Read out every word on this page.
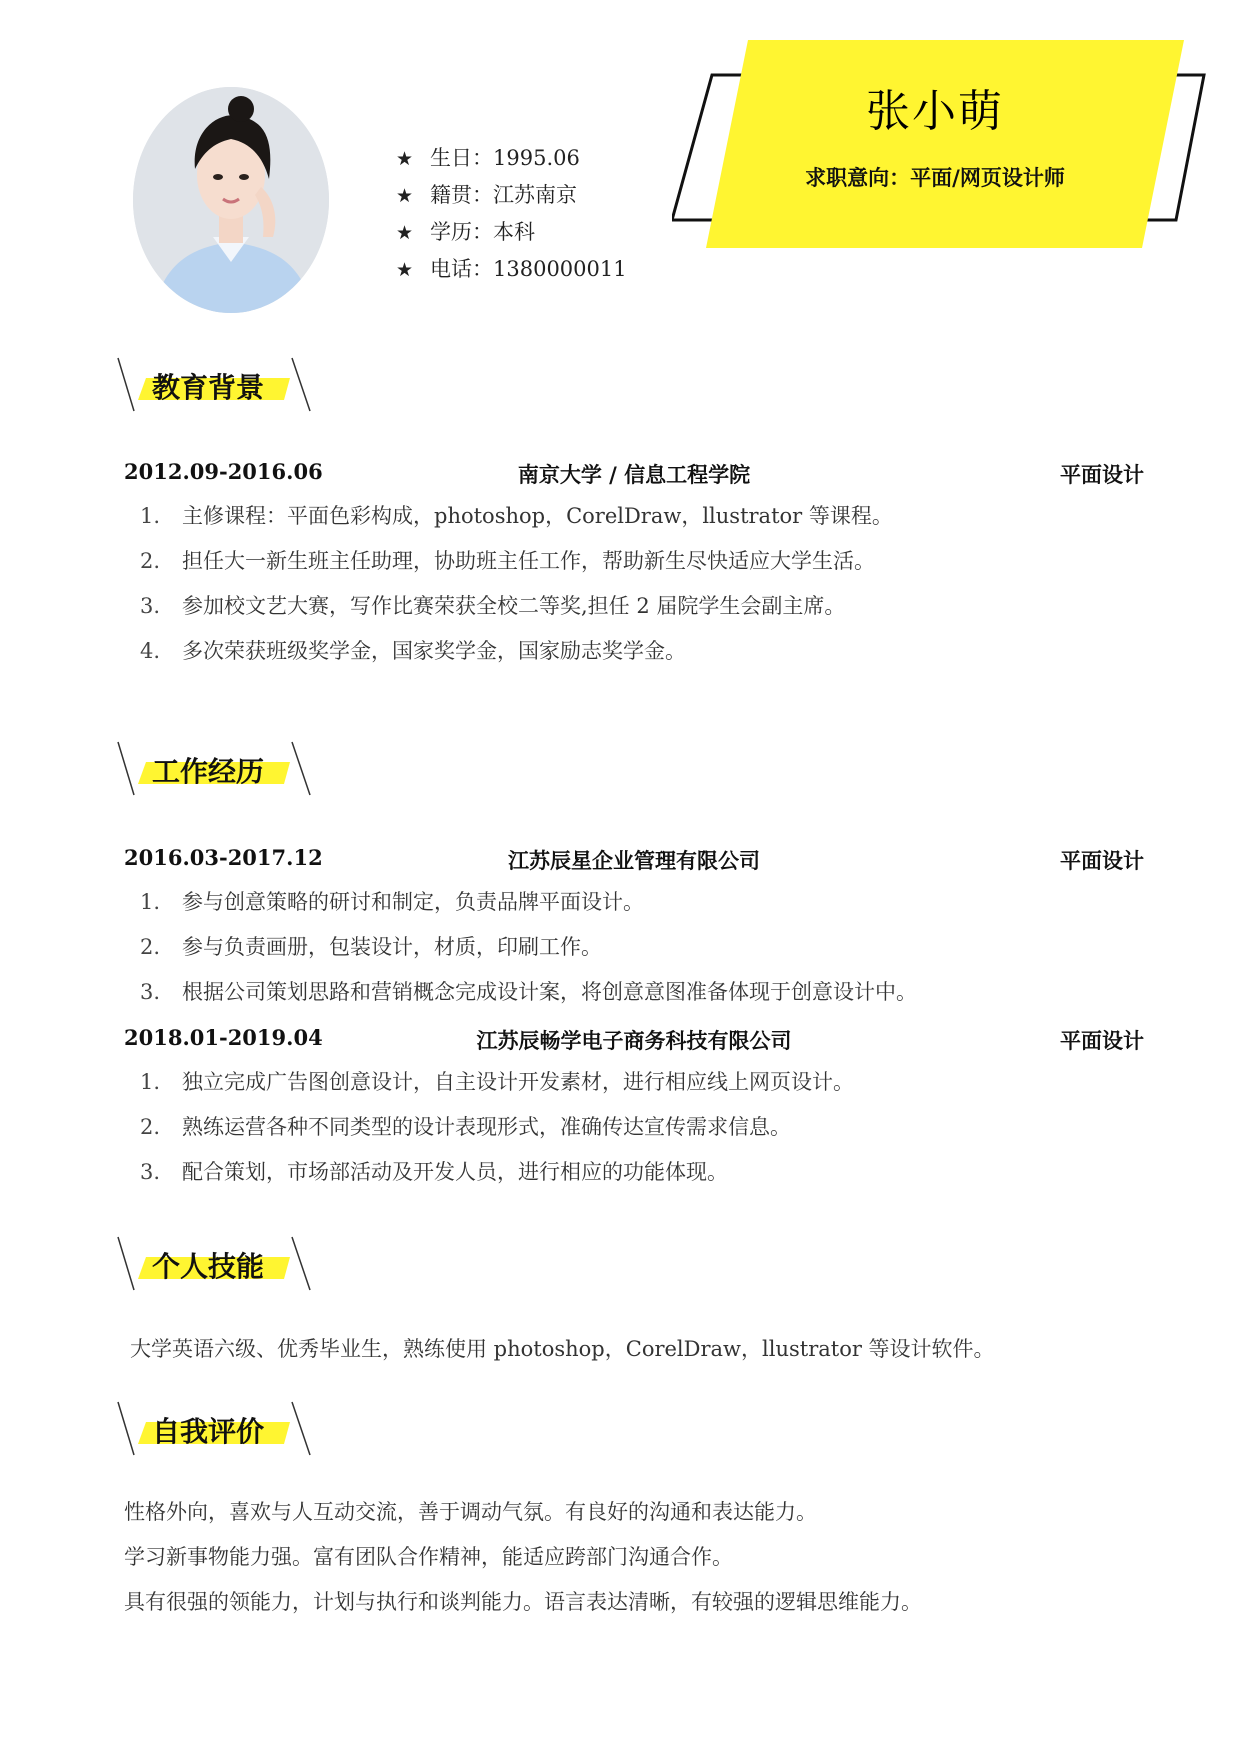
★ 生日：1995.06
★ 籍贯：江苏南京
★ 学历：本科
★ 电话：1380000011
张小萌
求职意向：平面/网页设计师
教育背景
2012.09-2016.06	南京大学 / 信息工程学院	平面设计
1. 主修课程：平面色彩构成，photoshop，CorelDraw，llustrator 等课程。
2. 担任大一新生班主任助理，协助班主任工作，帮助新生尽快适应大学生活。
3. 参加校文艺大赛，写作比赛荣获全校二等奖,担任 2 届院学生会副主席。
4. 多次荣获班级奖学金，国家奖学金，国家励志奖学金。
工作经历
2016.03-2017.12	江苏辰星企业管理有限公司	平面设计
1. 参与创意策略的研讨和制定，负责品牌平面设计。
2. 参与负责画册，包装设计，材质，印刷工作。
3. 根据公司策划思路和营销概念完成设计案，将创意意图准备体现于创意设计中。
2018.01-2019.04	江苏辰畅学电子商务科技有限公司	平面设计
1. 独立完成广告图创意设计，自主设计开发素材，进行相应线上网页设计。
2. 熟练运营各种不同类型的设计表现形式，准确传达宣传需求信息。
3. 配合策划，市场部活动及开发人员，进行相应的功能体现。
个人技能
大学英语六级、优秀毕业生，熟练使用 photoshop，CorelDraw，llustrator 等设计软件。
自我评价
性格外向，喜欢与人互动交流，善于调动气氛。有良好的沟通和表达能力。
学习新事物能力强。富有团队合作精神，能适应跨部门沟通合作。
具有很强的领能力，计划与执行和谈判能力。语言表达清晰，有较强的逻辑思维能力。
